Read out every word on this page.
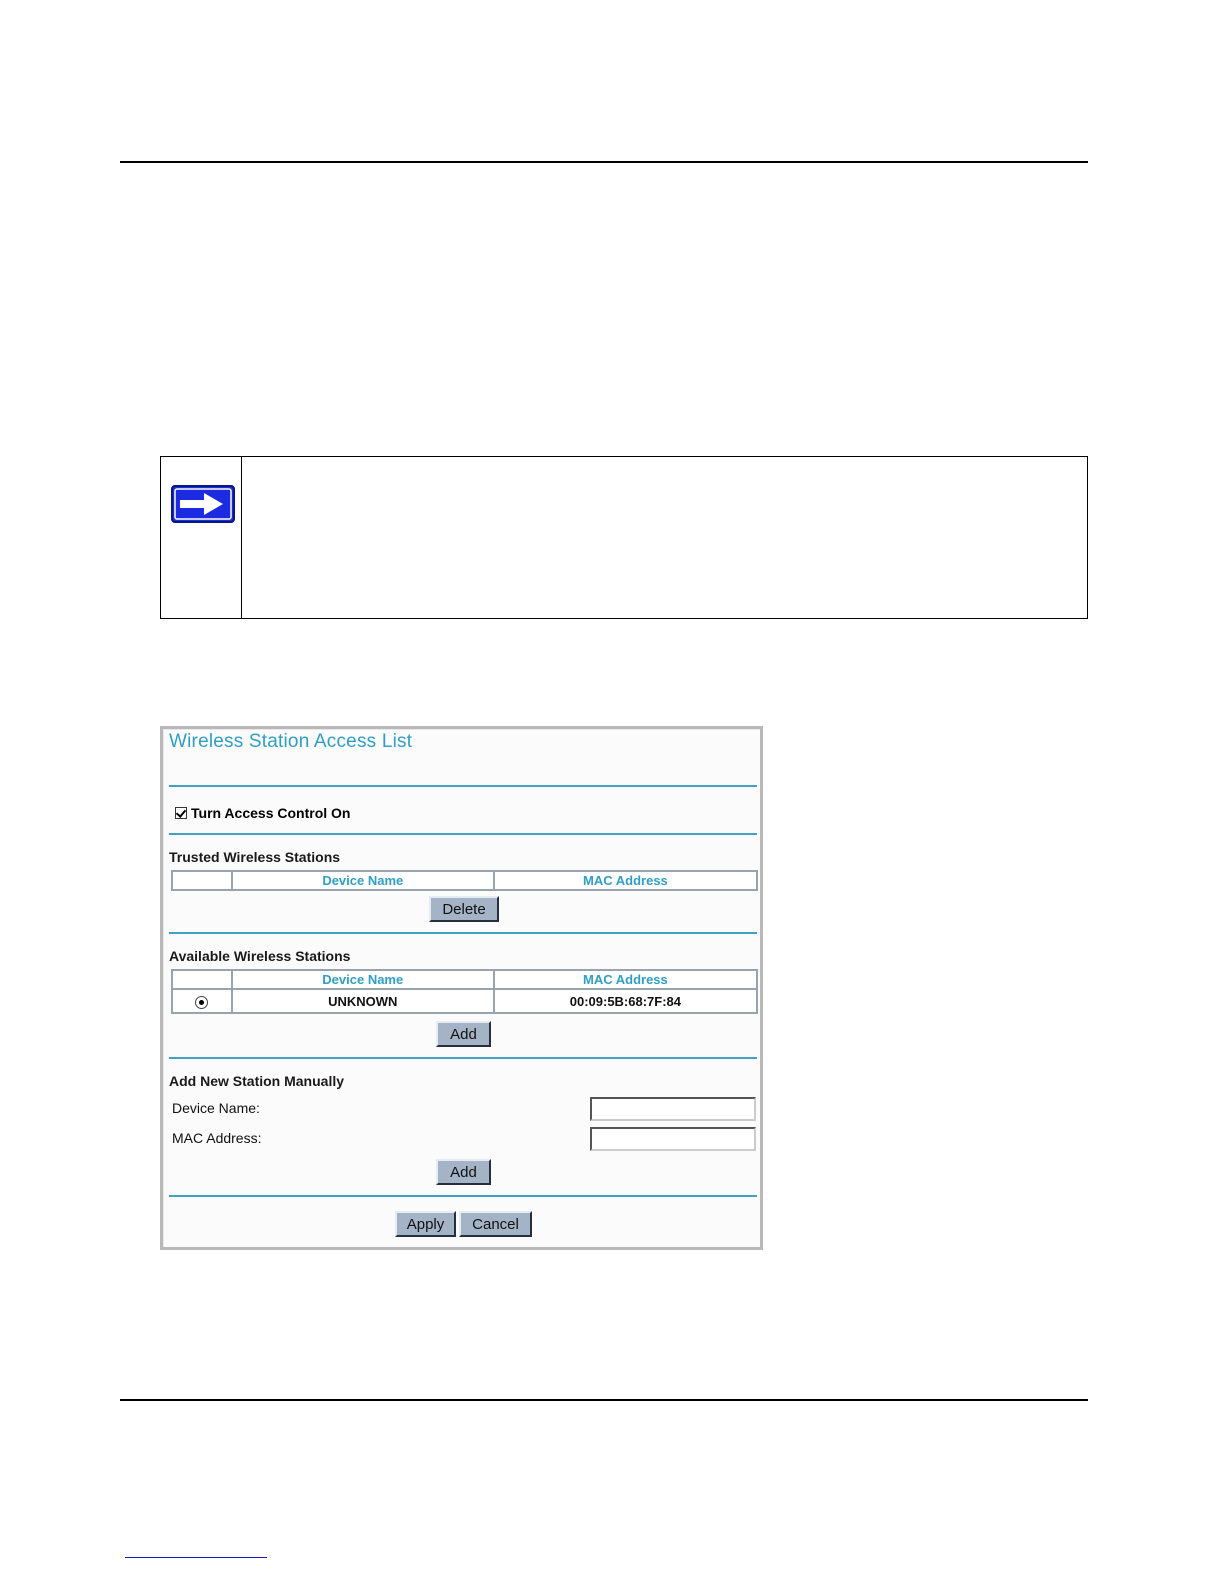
Wireless Station Access List
Turn Access Control On
Trusted Wireless Stations
	Device Name	MAC Address
Delete
Available Wireless Stations
	Device Name	MAC Address
	UNKNOWN	00:09:5B:68:7F:84
Add
Add New Station Manually
Device Name:
MAC Address:
Add
Apply	Cancel
